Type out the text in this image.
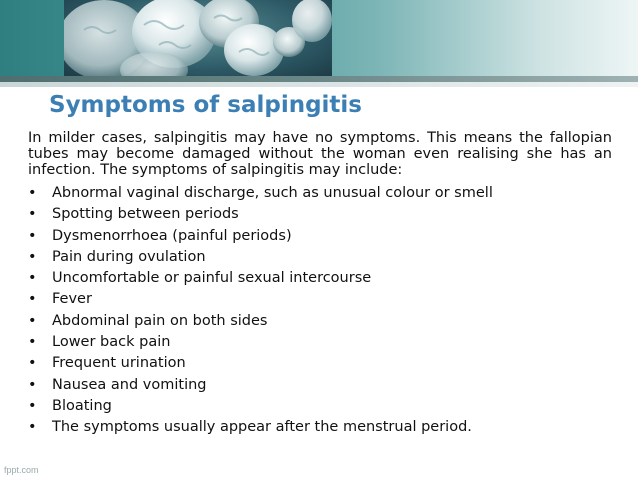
Symptoms of salpingitis

In milder cases, salpingitis may have no symptoms. This means the fallopian tubes may become damaged without the woman even realising she has an infection. The symptoms of salpingitis may include:

• Abnormal vaginal discharge, such as unusual colour or smell
• Spotting between periods
• Dysmenorrhoea (painful periods)
• Pain during ovulation
• Uncomfortable or painful sexual intercourse
• Fever
• Abdominal pain on both sides
• Lower back pain
• Frequent urination
• Nausea and vomiting
• Bloating
• The symptoms usually appear after the menstrual period.
fppt.com
